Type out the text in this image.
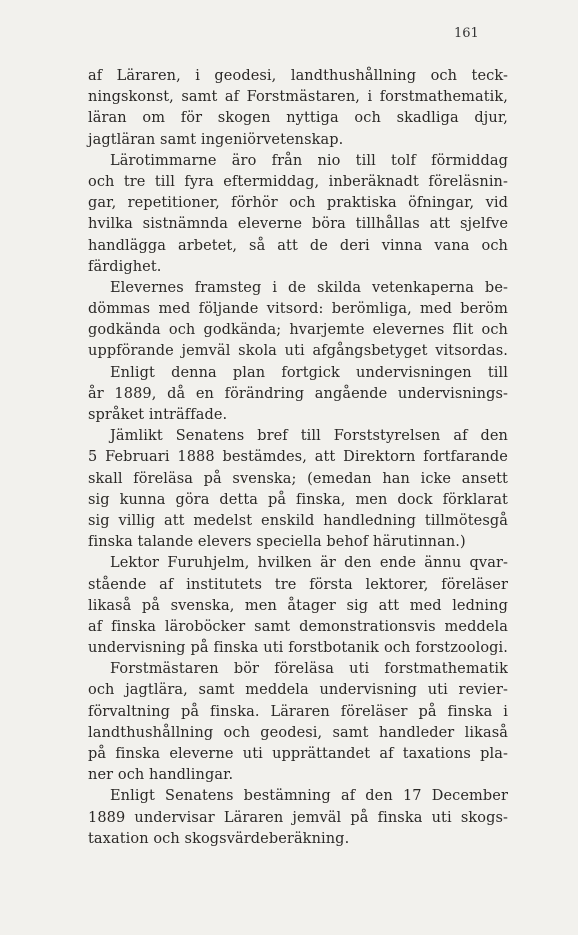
161
af Läraren, i geodesi, landthushållning och teck-
ningskonst, samt af Forstmästaren, i forstmathematik,
läran om för skogen nyttiga och skadliga djur,
jagtläran samt ingeniörvetenskap.
Lärotimmarne äro från nio till tolf förmiddag
och tre till fyra eftermiddag, inberäknadt föreläsnin-
gar, repetitioner, förhör och praktiska öfningar, vid
hvilka sistnämnda eleverne böra tillhållas att sjelfve
handlägga arbetet, så att de deri vinna vana och
färdighet.
Elevernes framsteg i de skilda vetenkaperna be-
dömmas med följande vitsord: berömliga, med beröm
godkända och godkända; hvarjemte elevernes flit och
uppförande jemväl skola uti afgångsbetyget vitsordas.
Enligt denna plan fortgick undervisningen till
år 1889, då en förändring angående undervisnings-
språket inträffade.
Jämlikt Senatens bref till Forststyrelsen af den
5 Februari 1888 bestämdes, att Direktorn fortfarande
skall föreläsa på svenska; (emedan han icke ansett
sig kunna göra detta på finska, men dock förklarat
sig villig att medelst enskild handledning tillmötesgå
finska talande elevers speciella behof härutinnan.)
Lektor Furuhjelm, hvilken är den ende ännu qvar-
stående af institutets tre första lektorer, föreläser
likaså på svenska, men åtager sig att med ledning
af finska läroböcker samt demonstrationsvis meddela
undervisning på finska uti forstbotanik och forstzoologi.
Forstmästaren bör föreläsa uti forstmathematik
och jagtlära, samt meddela undervisning uti revier-
förvaltning på finska. Läraren föreläser på finska i
landthushållning och geodesi, samt handleder likaså
på finska eleverne uti upprättandet af taxations pla-
ner och handlingar.
Enligt Senatens bestämning af den 17 December
1889 undervisar Läraren jemväl på finska uti skogs-
taxation och skogsvärdeberäkning.
